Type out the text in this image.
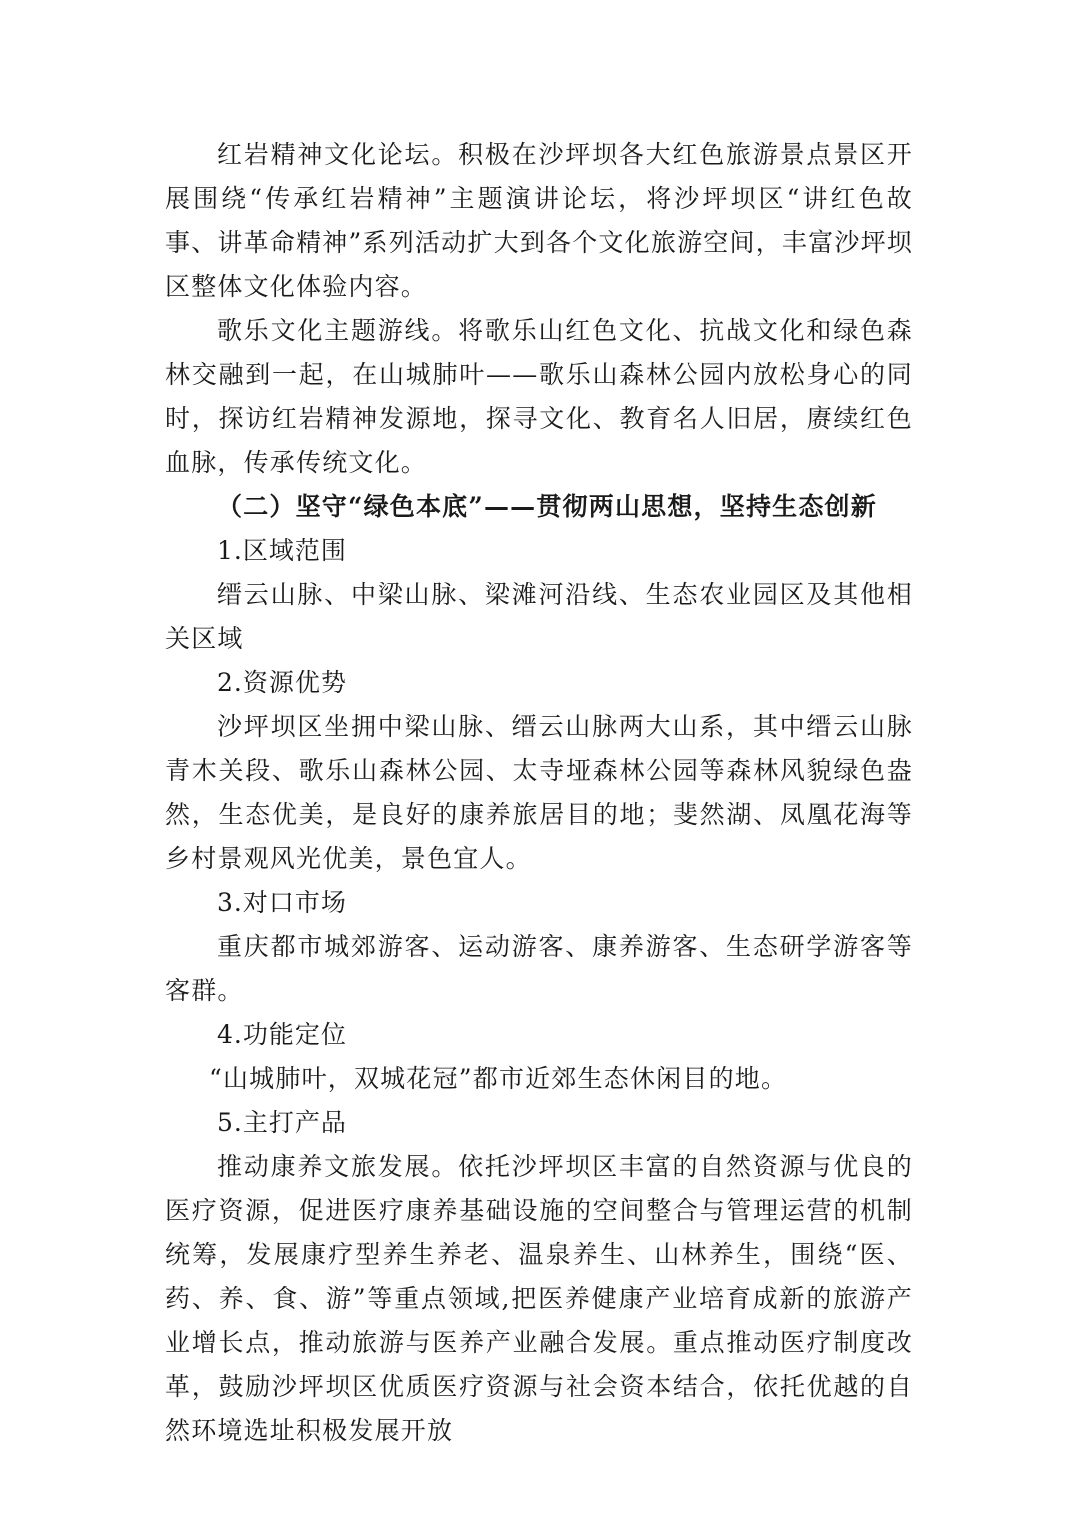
红岩精神文化论坛。积极在沙坪坝各大红色旅游景点景区开展围绕“传承红岩精神”主题演讲论坛，将沙坪坝区“讲红色故事、讲革命精神”系列活动扩大到各个文化旅游空间，丰富沙坪坝区整体文化体验内容。

歌乐文化主题游线。将歌乐山红色文化、抗战文化和绿色森林交融到一起，在山城肺叶——歌乐山森林公园内放松身心的同时，探访红岩精神发源地，探寻文化、教育名人旧居，赓续红色血脉，传承传统文化。

（二）坚守“绿色本底”——贯彻两山思想，坚持生态创新

1.区域范围

缙云山脉、中梁山脉、梁滩河沿线、生态农业园区及其他相关区域

2.资源优势

沙坪坝区坐拥中梁山脉、缙云山脉两大山系，其中缙云山脉青木关段、歌乐山森林公园、太寺垭森林公园等森林风貌绿色盎然，生态优美，是良好的康养旅居目的地；斐然湖、凤凰花海等乡村景观风光优美，景色宜人。

3.对口市场

重庆都市城郊游客、运动游客、康养游客、生态研学游客等客群。

4.功能定位

“山城肺叶，双城花冠”都市近郊生态休闲目的地。

5.主打产品

推动康养文旅发展。依托沙坪坝区丰富的自然资源与优良的医疗资源，促进医疗康养基础设施的空间整合与管理运营的机制统筹，发展康疗型养生养老、温泉养生、山林养生，围绕“医、药、养、食、游”等重点领域,把医养健康产业培育成新的旅游产业增长点，推动旅游与医养产业融合发展。重点推动医疗制度改革，鼓励沙坪坝区优质医疗资源与社会资本结合，依托优越的自然环境选址积极发展开放
